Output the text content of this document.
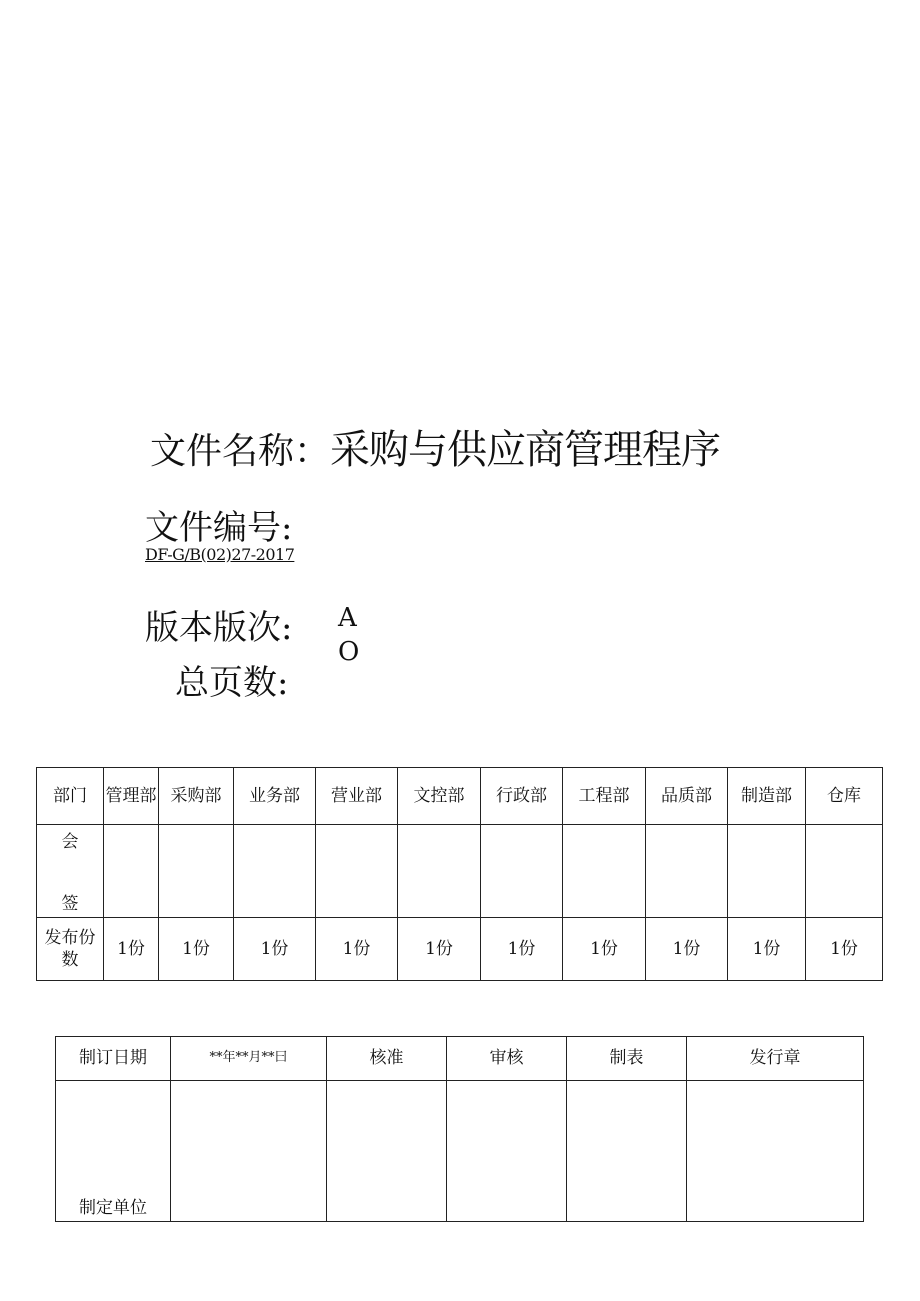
文件名称：采购与供应商管理程序
文件编号:
DF-G/B(02)27-2017
版本版次: A
总页数:
O
部门	管理部	采购部	业务部	营业部	文控部	行政部	工程部	品质部	制造部	仓库

会
签										

发布份数	1份	1份	1份	1份	1份	1份	1份	1份	1份	1份
制订日期	**年**月**曰	核准	审核	制表	发行章

制定单位					
